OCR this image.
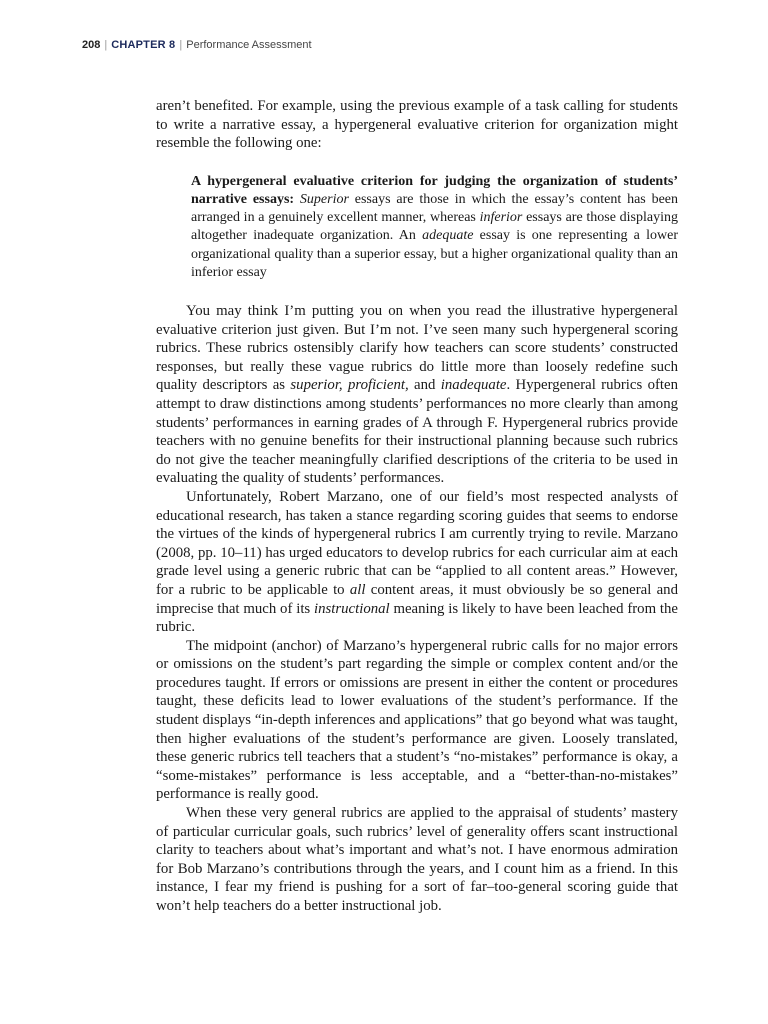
208 | CHAPTER 8 | Performance Assessment

aren’t benefited. For example, using the previous example of a task calling for students to write a narrative essay, a hypergeneral evaluative criterion for organization might resemble the following one:

A hypergeneral evaluative criterion for judging the organization of students’ narrative essays: Superior essays are those in which the essay’s content has been arranged in a genuinely excellent manner, whereas inferior essays are those displaying altogether inadequate organization. An adequate essay is one representing a lower organizational quality than a superior essay, but a higher organizational quality than an inferior essay

You may think I’m putting you on when you read the illustrative hypergeneral evaluative criterion just given. But I’m not. I’ve seen many such hypergeneral scoring rubrics. These rubrics ostensibly clarify how teachers can score students’ constructed responses, but really these vague rubrics do little more than loosely redefine such quality descriptors as superior, proficient, and inadequate. Hypergeneral rubrics often attempt to draw distinctions among students’ performances no more clearly than among students’ performances in earning grades of A through F. Hypergeneral rubrics provide teachers with no genuine benefits for their instructional planning because such rubrics do not give the teacher meaningfully clarified descriptions of the criteria to be used in evaluating the quality of students’ performances.

Unfortunately, Robert Marzano, one of our field’s most respected analysts of educational research, has taken a stance regarding scoring guides that seems to endorse the virtues of the kinds of hypergeneral rubrics I am currently trying to revile. Marzano (2008, pp. 10–11) has urged educators to develop rubrics for each curricular aim at each grade level using a generic rubric that can be “applied to all content areas.” However, for a rubric to be applicable to all content areas, it must obviously be so general and imprecise that much of its instructional meaning is likely to have been leached from the rubric.

The midpoint (anchor) of Marzano’s hypergeneral rubric calls for no major errors or omissions on the student’s part regarding the simple or complex content and/or the procedures taught. If errors or omissions are present in either the content or procedures taught, these deficits lead to lower evaluations of the student’s performance. If the student displays “in-depth inferences and applications” that go beyond what was taught, then higher evaluations of the student’s performance are given. Loosely translated, these generic rubrics tell teachers that a student’s “no-mistakes” performance is okay, a “some-mistakes” performance is less acceptable, and a “better-than-no-mistakes” performance is really good.

When these very general rubrics are applied to the appraisal of students’ mastery of particular curricular goals, such rubrics’ level of generality offers scant instructional clarity to teachers about what’s important and what’s not. I have enormous admiration for Bob Marzano’s contributions through the years, and I count him as a friend. In this instance, I fear my friend is pushing for a sort of far–too-general scoring guide that won’t help teachers do a better instructional job.
